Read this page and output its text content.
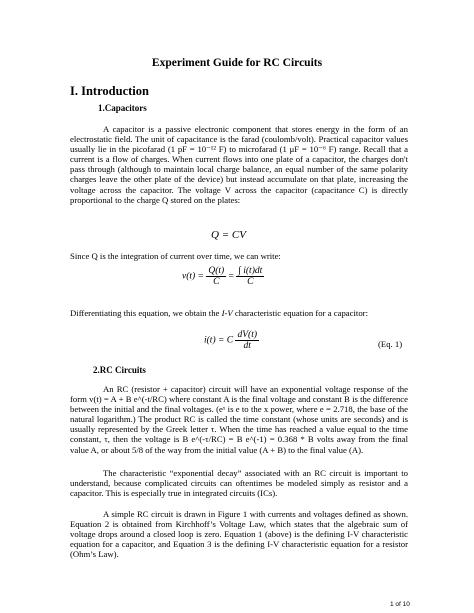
Experiment Guide for RC Circuits
I. Introduction
1.Capacitors
A capacitor is a passive electronic component that stores energy in the form of an electrostatic field. The unit of capacitance is the farad (coulomb/volt). Practical capacitor values usually lie in the picofarad (1 pF = 10⁻¹² F) to microfarad (1 μF = 10⁻⁶ F) range. Recall that a current is a flow of charges. When current flows into one plate of a capacitor, the charges don't pass through (although to maintain local charge balance, an equal number of the same polarity charges leave the other plate of the device) but instead accumulate on that plate, increasing the voltage across the capacitor. The voltage V across the capacitor (capacitance C) is directly proportional to the charge Q stored on the plates:
Q = CV
Since Q is the integration of current over time, we can write:
$v(t) = \frac{Q(t)}{C} = \frac{\int i(t)dt}{C}$
Differentiating this equation, we obtain the I-V characteristic equation for a capacitor:
i(t) = C $\frac{dV(t)}{dt}$	(Eq. 1)
2.RC Circuits
An RC (resistor + capacitor) circuit will have an exponential voltage response of the form v(t) = A + B e^(-t/RC) where constant A is the final voltage and constant B is the difference between the initial and the final voltages. (eˣ is e to the x power, where e = 2.718, the base of the natural logarithm.) The product RC is called the time constant (whose units are seconds) and is usually represented by the Greek letter τ. When the time has reached a value equal to the time constant, τ, then the voltage is B e^(-τ/RC) = B e^(-1) = 0.368 * B volts away from the final value A, or about 5/8 of the way from the initial value (A + B) to the final value (A).
The characteristic “exponential decay” associated with an RC circuit is important to understand, because complicated circuits can oftentimes be modeled simply as resistor and a capacitor. This is especially true in integrated circuits (ICs).
A simple RC circuit is drawn in Figure 1 with currents and voltages defined as shown. Equation 2 is obtained from Kirchhoff’s Voltage Law, which states that the algebraic sum of voltage drops around a closed loop is zero. Equation 1 (above) is the defining I-V characteristic equation for a capacitor, and Equation 3 is the defining I-V characteristic equation for a resistor (Ohm’s Law).
1 of 10
